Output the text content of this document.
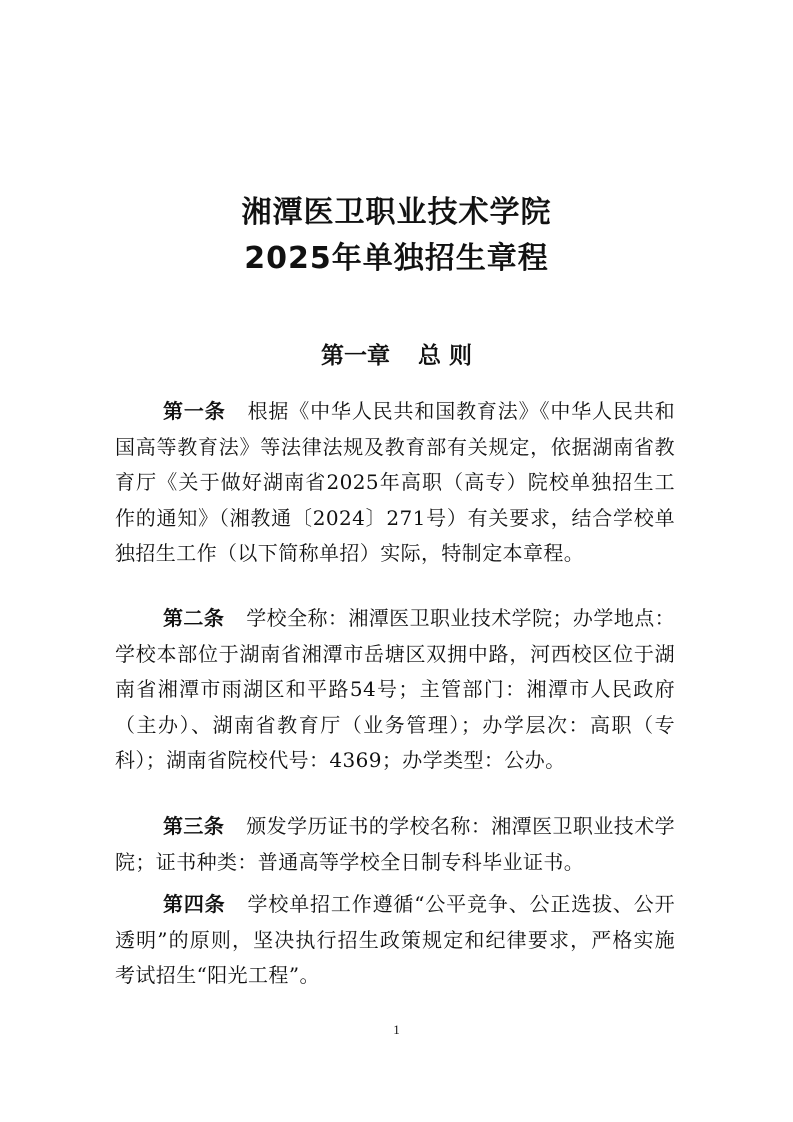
湘潭医卫职业技术学院
2025年单独招生章程
第一章 总 则

第一条 根据《中华人民共和国教育法》《中华人民共和国高等教育法》等法律法规及教育部有关规定，依据湖南省教育厅《关于做好湖南省2025年高职（高专）院校单独招生工作的通知》（湘教通〔2024〕271号）有关要求，结合学校单独招生工作（以下简称单招）实际，特制定本章程。

第二条 学校全称：湘潭医卫职业技术学院；办学地点：学校本部位于湖南省湘潭市岳塘区双拥中路，河西校区位于湖南省湘潭市雨湖区和平路54号；主管部门：湘潭市人民政府（主办）、湖南省教育厅（业务管理）；办学层次：高职（专科）；湖南省院校代号：4369；办学类型：公办。

第三条 颁发学历证书的学校名称：湘潭医卫职业技术学院；证书种类：普通高等学校全日制专科毕业证书。

第四条 学校单招工作遵循“公平竞争、公正选拔、公开透明”的原则，坚决执行招生政策规定和纪律要求，严格实施考试招生“阳光工程”。

1
